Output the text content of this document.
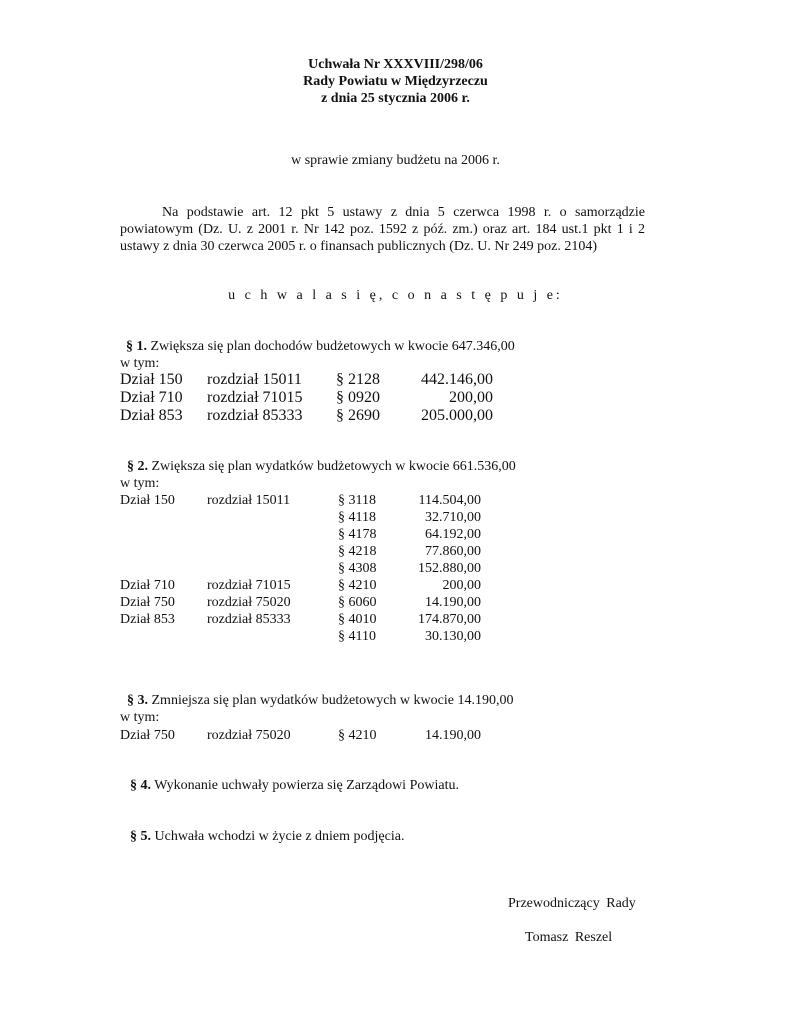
Uchwała Nr XXXVIII/298/06
Rady Powiatu w Międzyrzeczu
z dnia 25 stycznia 2006 r.
w sprawie zmiany budżetu na 2006 r.
Na podstawie art. 12 pkt 5 ustawy z dnia 5 czerwca 1998 r. o samorządzie
powiatowym (Dz. U. z 2001 r. Nr 142 poz. 1592 z póź. zm.) oraz art. 184 ust.1 pkt 1 i 2
ustawy z dnia 30 czerwca 2005 r. o finansach publicznych (Dz. U. Nr 249 poz. 2104)
u c h w a l a s i ę, c o n a s t ę p u j e:
§ 1. Zwiększa się plan dochodów budżetowych w kwocie 647.346,00
w tym:
Dział 150 rozdział 15011 § 2128	442.146,00
Dział 710 rozdział 71015 § 0920	200,00
Dział 853 rozdział 85333 § 2690	205.000,00
§ 2. Zwiększa się plan wydatków budżetowych w kwocie 661.536,00
w tym:
Dział 150 rozdział 15011	§ 3118	114.504,00
§ 4118	32.710,00
§ 4178	64.192,00
§ 4218	77.860,00
§ 4308	152.880,00
Dział 710 rozdział 71015	§ 4210	200,00
Dział 750 rozdział 75020	§ 6060	14.190,00
Dział 853 rozdział 85333	§ 4010	174.870,00
§ 4110	30.130,00
§ 3. Zmniejsza się plan wydatków budżetowych w kwocie 14.190,00
w tym:
Dział 750 rozdział 75020	§ 4210	14.190,00
§ 4. Wykonanie uchwały powierza się Zarządowi Powiatu.
§ 5. Uchwała wchodzi w życie z dniem podjęcia.
Przewodniczący Rady
Tomasz Reszel
